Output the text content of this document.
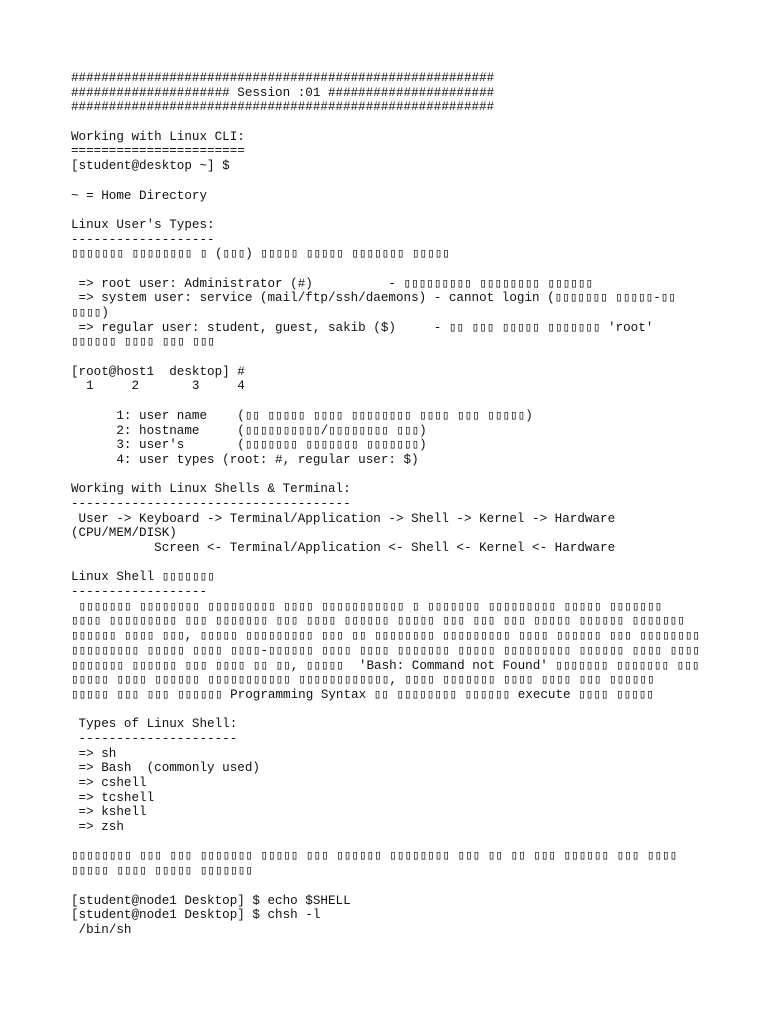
########################################################
##################### Session :01 ######################
########################################################
Working with Linux CLI:
=======================
[student@desktop ~] $
~ = Home Directory
Linux User's Types:
-------------------
▯▯▯▯▯▯▯ ▯▯▯▯▯▯▯▯ ▯ (▯▯▯) ▯▯▯▯▯ ▯▯▯▯▯ ▯▯▯▯▯▯▯ ▯▯▯▯▯
=> root user: Administrator (#)          - ▯▯▯▯▯▯▯▯▯ ▯▯▯▯▯▯▯▯ ▯▯▯▯▯▯
=> system user: service (mail/ftp/ssh/daemons) - cannot login (▯▯▯▯▯▯▯ ▯▯▯▯▯-▯▯
▯▯▯▯)
=> regular user: student, guest, sakib ($)     - ▯▯ ▯▯▯ ▯▯▯▯▯ ▯▯▯▯▯▯▯ 'root'
▯▯▯▯▯▯ ▯▯▯▯ ▯▯▯ ▯▯▯
[root@host1  desktop] #
1     2       3     4
1: user name    (▯▯ ▯▯▯▯▯ ▯▯▯▯ ▯▯▯▯▯▯▯▯ ▯▯▯▯ ▯▯▯ ▯▯▯▯▯)
2: hostname     (▯▯▯▯▯▯▯▯▯▯/▯▯▯▯▯▯▯▯ ▯▯▯)
3: user's       (▯▯▯▯▯▯▯ ▯▯▯▯▯▯▯ ▯▯▯▯▯▯▯)
4: user types (root: #, regular user: $)
Working with Linux Shells & Terminal:
-------------------------------------
User -> Keyboard -> Terminal/Application -> Shell -> Kernel -> Hardware
(CPU/MEM/DISK)
Screen <- Terminal/Application <- Shell <- Kernel <- Hardware
Linux Shell ▯▯▯▯▯▯▯
------------------
▯▯▯▯▯▯▯ ▯▯▯▯▯▯▯▯ ▯▯▯▯▯▯▯▯▯ ▯▯▯▯ ▯▯▯▯▯▯▯▯▯▯▯ ▯ ▯▯▯▯▯▯▯ ▯▯▯▯▯▯▯▯▯ ▯▯▯▯▯ ▯▯▯▯▯▯▯
▯▯▯▯ ▯▯▯▯▯▯▯▯▯ ▯▯▯ ▯▯▯▯▯▯▯ ▯▯▯ ▯▯▯▯ ▯▯▯▯▯▯ ▯▯▯▯▯ ▯▯▯ ▯▯▯ ▯▯▯ ▯▯▯▯▯ ▯▯▯▯▯▯ ▯▯▯▯▯▯▯
▯▯▯▯▯▯ ▯▯▯▯ ▯▯▯, ▯▯▯▯▯ ▯▯▯▯▯▯▯▯▯ ▯▯▯ ▯▯ ▯▯▯▯▯▯▯▯ ▯▯▯▯▯▯▯▯▯ ▯▯▯▯ ▯▯▯▯▯▯ ▯▯▯ ▯▯▯▯▯▯▯▯
▯▯▯▯▯▯▯▯▯ ▯▯▯▯▯ ▯▯▯▯ ▯▯▯▯-▯▯▯▯▯▯ ▯▯▯▯ ▯▯▯▯ ▯▯▯▯▯▯▯ ▯▯▯▯▯ ▯▯▯▯▯▯▯▯▯ ▯▯▯▯▯▯ ▯▯▯▯ ▯▯▯▯
▯▯▯▯▯▯▯ ▯▯▯▯▯▯ ▯▯▯ ▯▯▯▯ ▯▯ ▯▯, ▯▯▯▯▯  'Bash: Command not Found' ▯▯▯▯▯▯▯ ▯▯▯▯▯▯▯ ▯▯▯
▯▯▯▯▯ ▯▯▯▯ ▯▯▯▯▯▯ ▯▯▯▯▯▯▯▯▯▯▯ ▯▯▯▯▯▯▯▯▯▯▯▯, ▯▯▯▯ ▯▯▯▯▯▯▯ ▯▯▯▯ ▯▯▯▯ ▯▯▯ ▯▯▯▯▯▯
▯▯▯▯▯ ▯▯▯ ▯▯▯ ▯▯▯▯▯▯ Programming Syntax ▯▯ ▯▯▯▯▯▯▯▯ ▯▯▯▯▯▯ execute ▯▯▯▯ ▯▯▯▯▯
Types of Linux Shell:
---------------------
=> sh
=> Bash  (commonly used)
=> cshell
=> tcshell
=> kshell
=> zsh
▯▯▯▯▯▯▯▯ ▯▯▯ ▯▯▯ ▯▯▯▯▯▯▯ ▯▯▯▯▯ ▯▯▯ ▯▯▯▯▯▯ ▯▯▯▯▯▯▯▯ ▯▯▯ ▯▯ ▯▯ ▯▯▯ ▯▯▯▯▯▯ ▯▯▯ ▯▯▯▯
▯▯▯▯▯ ▯▯▯▯ ▯▯▯▯▯ ▯▯▯▯▯▯▯
[student@node1 Desktop] $ echo $SHELL
[student@node1 Desktop] $ chsh -l
/bin/sh
